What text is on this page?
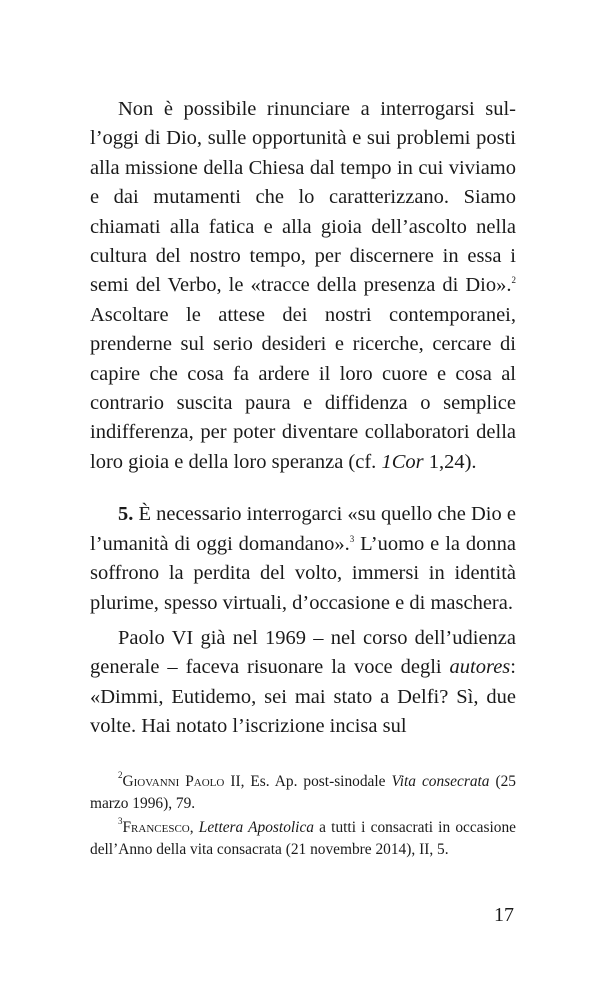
Non è possibile rinunciare a interrogarsi sull’oggi di Dio, sulle opportunità e sui problemi posti alla missione della Chiesa dal tempo in cui viviamo e dai mutamenti che lo caratterizzano. Siamo chiamati alla fatica e alla gioia dell’ascolto nella cultura del nostro tempo, per discernere in essa i semi del Verbo, le «tracce della presenza di Dio».$^2$ Ascoltare le attese dei nostri contemporanei, prenderne sul serio desideri e ricerche, cercare di capire che cosa fa ardere il loro cuore e cosa al contrario suscita paura e diffidenza o semplice indifferenza, per poter diventare collaboratori della loro gioia e della loro speranza (cf. 1Cor 1,24).

5. È necessario interrogarci «su quello che Dio e l’umanità di oggi domandano».$^3$ L’uomo e la donna soffrono la perdita del volto, immersi in identità plurime, spesso virtuali, d’occasione e di maschera.

Paolo VI già nel 1969 – nel corso dell’udienza generale – faceva risuonare la voce degli autores: «Dimmi, Eutidemo, sei mai stato a Delfi? Sì, due volte. Hai notato l’iscrizione incisa sul

$^2$Giovanni Paolo II, Es. Ap. post-sinodale Vita consecrata (25 marzo 1996), 79.

$^3$Francesco, Lettera Apostolica a tutti i consacrati in occasione dell’Anno della vita consacrata (21 novembre 2014), II, 5.

17
